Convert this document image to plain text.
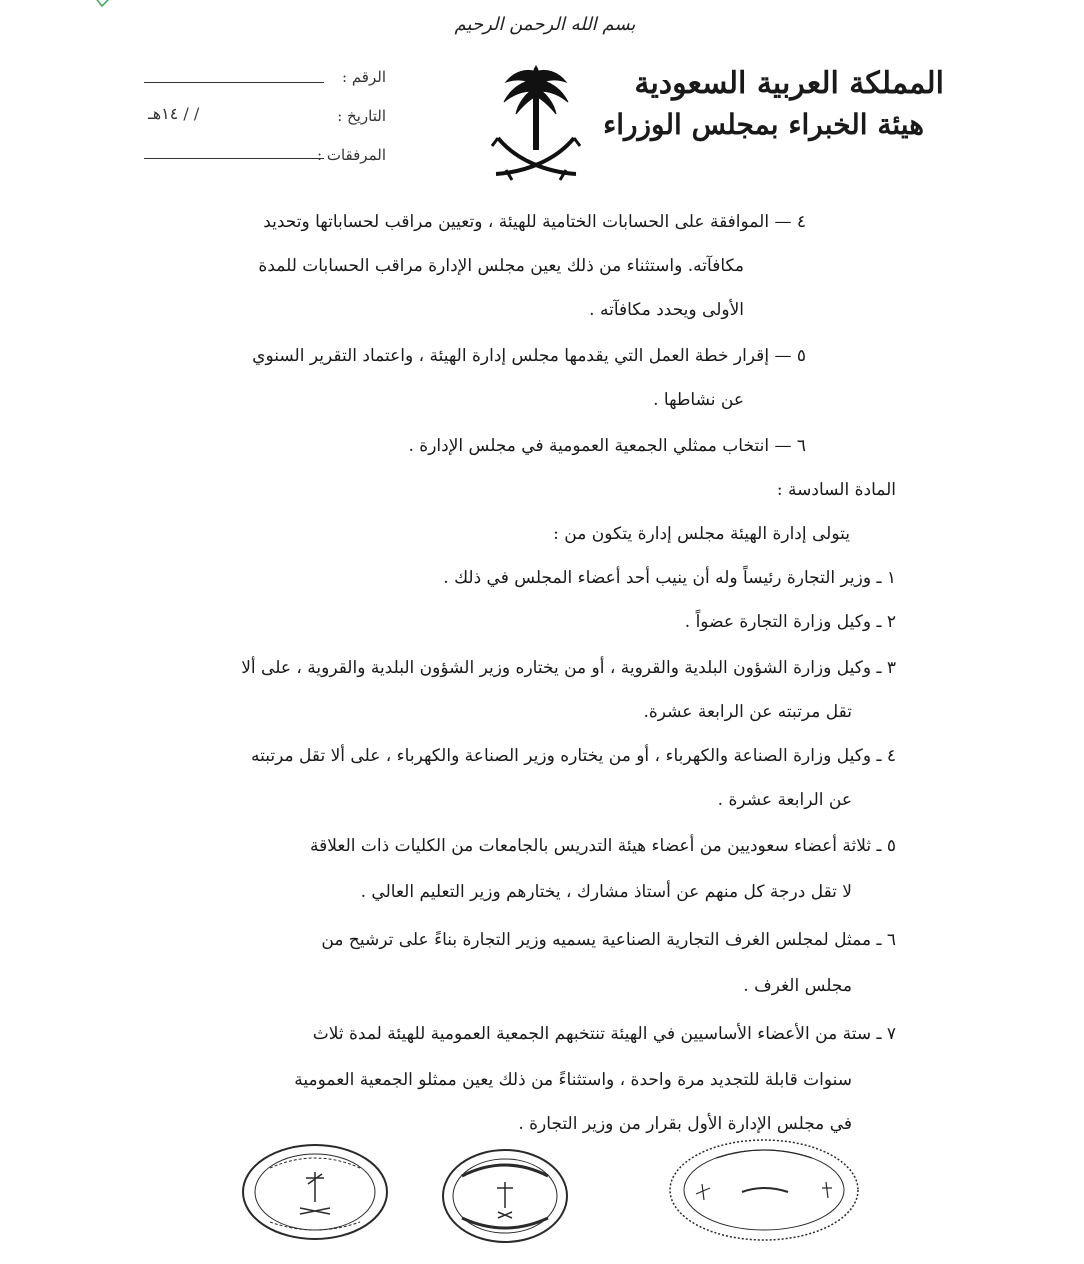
بسم الله الرحمن الرحيم
المملكة العربية السعودية
هيئة الخبراء بمجلس الوزراء
الرقم :
التاريخ :
/ / ١٤هـ
المرفقات :
٤ — الموافقة على الحسابات الختامية للهيئة ، وتعيين مراقب لحساباتها وتحديد
مكافآته. واستثناء من ذلك يعين مجلس الإدارة مراقب الحسابات للمدة
الأولى ويحدد مكافآته .
٥ — إقرار خطة العمل التي يقدمها مجلس إدارة الهيئة ، واعتماد التقرير السنوي
عن نشاطها .
٦ — انتخاب ممثلي الجمعية العمومية في مجلس الإدارة .
المادة السادسة :
يتولى إدارة الهيئة مجلس إدارة يتكون من :
١ ـ وزير التجارة رئيساً وله أن ينيب أحد أعضاء المجلس في ذلك .
٢ ـ وكيل وزارة التجارة عضواً .
٣ ـ وكيل وزارة الشؤون البلدية والقروية ، أو من يختاره وزير الشؤون البلدية والقروية ، على ألا
تقل مرتبته عن الرابعة عشرة.
٤ ـ وكيل وزارة الصناعة والكهرباء ، أو من يختاره وزير الصناعة والكهرباء ، على ألا تقل مرتبته
عن الرابعة عشرة .
٥ ـ ثلاثة أعضاء سعوديين من أعضاء هيئة التدريس بالجامعات من الكليات ذات العلاقة
لا تقل درجة كل منهم عن أستاذ مشارك ، يختارهم وزير التعليم العالي .
٦ ـ ممثل لمجلس الغرف التجارية الصناعية يسميه وزير التجارة بناءً على ترشيح من
مجلس الغرف .
٧ ـ ستة من الأعضاء الأساسيين في الهيئة تنتخبهم الجمعية العمومية للهيئة لمدة ثلاث
سنوات قابلة للتجديد مرة واحدة ، واستثناءً من ذلك يعين ممثلو الجمعية العمومية
في مجلس الإدارة الأول بقرار من وزير التجارة .
